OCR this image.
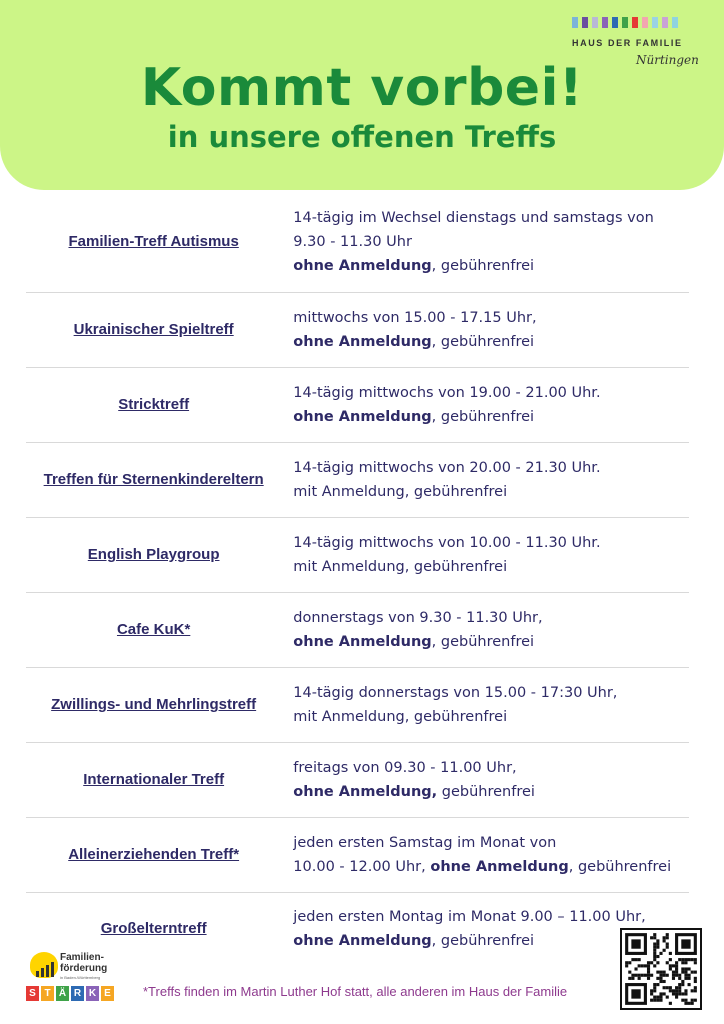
HAUS DER FAMILIE
Nürtingen
Kommt vorbei!
in unsere offenen Treffs
Familien-Treff Autismus
14-tägig im Wechsel dienstags und samstags von 9.30 - 11.30 Uhr
ohne Anmeldung, gebührenfrei
Ukrainischer Spieltreff
mittwochs von 15.00 - 17.15 Uhr,
ohne Anmeldung, gebührenfrei
Stricktreff
14-tägig mittwochs von 19.00 - 21.00 Uhr.
ohne Anmeldung, gebührenfrei
Treffen für Sternenkindereltern
14-tägig mittwochs von 20.00 - 21.30 Uhr.
mit Anmeldung, gebührenfrei
English Playgroup
14-tägig mittwochs von 10.00 - 11.30 Uhr.
mit Anmeldung, gebührenfrei
Cafe KuK*
donnerstags von 9.30 - 11.30 Uhr,
ohne Anmeldung, gebührenfrei
Zwillings- und Mehrlingstreff
14-tägig donnerstags von 15.00 - 17:30 Uhr,
mit Anmeldung, gebührenfrei
Internationaler Treff
freitags von 09.30 - 11.00 Uhr,
ohne Anmeldung, gebührenfrei
Alleinerziehenden Treff*
jeden ersten Samstag im Monat von
10.00 - 12.00 Uhr, ohne Anmeldung, gebührenfrei
Großelterntreff
jeden ersten Montag im Monat 9.00 – 11.00 Uhr,
ohne Anmeldung, gebührenfrei
Familien-
förderung
in Baden-Württemberg
S T Ä R K E *Treffs finden im Martin Luther Hof statt, alle anderen im Haus der Familie
